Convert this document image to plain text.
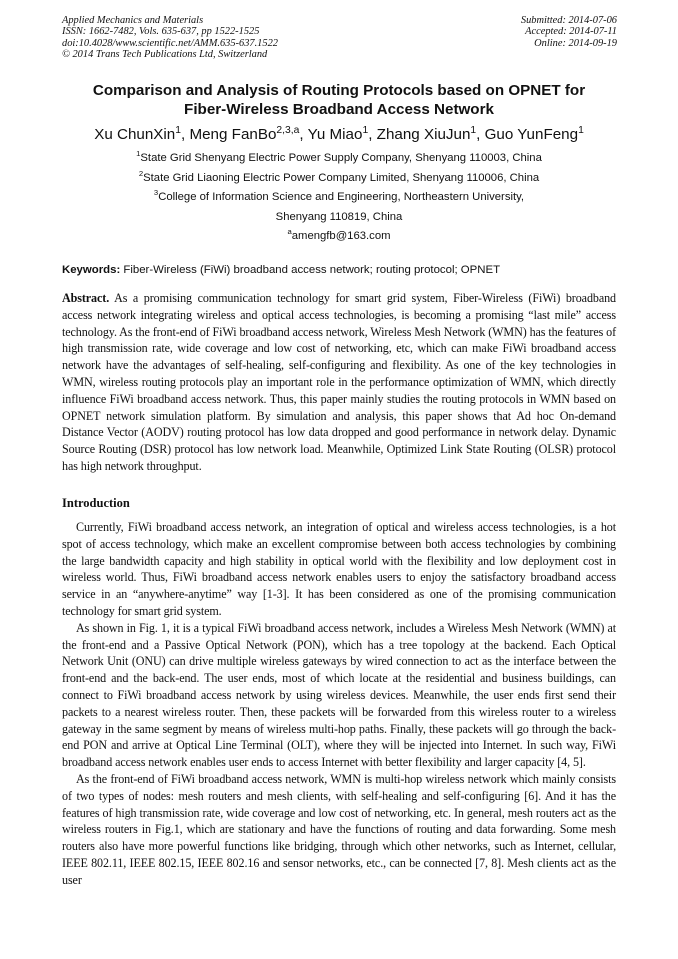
Applied Mechanics and Materials
ISSN: 1662-7482, Vols. 635-637, pp 1522-1525
doi:10.4028/www.scientific.net/AMM.635-637.1522
© 2014 Trans Tech Publications Ltd, Switzerland
Submitted: 2014-07-06
Accepted: 2014-07-11
Online: 2014-09-19
Comparison and Analysis of Routing Protocols based on OPNET for
Fiber-Wireless Broadband Access Network
Xu ChunXin$^1$, Meng FanBo$^{2,3,a}$, Yu Miao$^1$, Zhang XiuJun$^1$, Guo YunFeng$^1$
$^1$State Grid Shenyang Electric Power Supply Company, Shenyang 110003, China
$^2$State Grid Liaoning Electric Power Company Limited, Shenyang 110006, China
$^3$College of Information Science and Engineering, Northeastern University,
Shenyang 110819, China
$^a$amengfb@163.com
Keywords: Fiber-Wireless (FiWi) broadband access network; routing protocol; OPNET
Abstract. As a promising communication technology for smart grid system, Fiber-Wireless (FiWi) broadband access network integrating wireless and optical access technologies, is becoming a promising “last mile” access technology. As the front-end of FiWi broadband access network, Wireless Mesh Network (WMN) has the features of high transmission rate, wide coverage and low cost of networking, etc, which can make FiWi broadband access network have the advantages of self-healing, self-configuring and flexibility. As one of the key technologies in WMN, wireless routing protocols play an important role in the performance optimization of WMN, which directly influence FiWi broadband access network. Thus, this paper mainly studies the routing protocols in WMN based on OPNET network simulation platform. By simulation and analysis, this paper shows that Ad hoc On-demand Distance Vector (AODV) routing protocol has low data dropped and good performance in network delay. Dynamic Source Routing (DSR) protocol has low network load. Meanwhile, Optimized Link State Routing (OLSR) protocol has high network throughput.
Introduction

Currently, FiWi broadband access network, an integration of optical and wireless access technologies, is a hot spot of access technology, which make an excellent compromise between both access technologies by combining the large bandwidth capacity and high stability in optical world with the flexibility and low deployment cost in wireless world. Thus, FiWi broadband access network enables users to enjoy the satisfactory broadband access service in an “anywhere-anytime” way [1-3]. It has been considered as one of the promising communication technology for smart grid system.

As shown in Fig. 1, it is a typical FiWi broadband access network, includes a Wireless Mesh Network (WMN) at the front-end and a Passive Optical Network (PON), which has a tree topology at the backend. Each Optical Network Unit (ONU) can drive multiple wireless gateways by wired connection to act as the interface between the front-end and the back-end. The user ends, most of which locate at the residential and business buildings, can connect to FiWi broadband access network by using wireless devices. Meanwhile, the user ends first send their packets to a nearest wireless router. Then, these packets will be forwarded from this wireless router to a wireless gateway in the same segment by means of wireless multi-hop paths. Finally, these packets will go through the back-end PON and arrive at Optical Line Terminal (OLT), where they will be injected into Internet. In such way, FiWi broadband access network enables user ends to access Internet with better flexibility and larger capacity [4, 5].

As the front-end of FiWi broadband access network, WMN is multi-hop wireless network which mainly consists of two types of nodes: mesh routers and mesh clients, with self-healing and self-configuring [6]. And it has the features of high transmission rate, wide coverage and low cost of networking, etc. In general, mesh routers act as the wireless routers in Fig.1, which are stationary and have the functions of routing and data forwarding. Some mesh routers also have more powerful functions like bridging, through which other networks, such as Internet, cellular, IEEE 802.11, IEEE 802.15, IEEE 802.16 and sensor networks, etc., can be connected [7, 8]. Mesh clients act as the user
